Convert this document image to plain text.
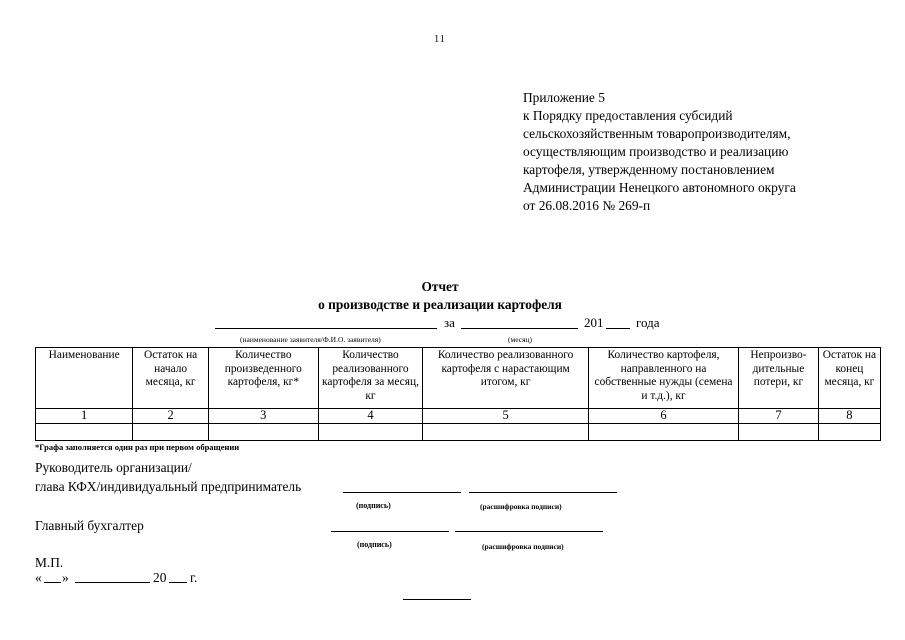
11
Приложение 5
к Порядку предоставления субсидий
сельскохозяйственным товаропроизводителям,
осуществляющим производство и реализацию
картофеля, утвержденному постановлением
Администрации Ненецкого автономного округа
от 26.08.2016 № 269-п
Отчет
о производстве и реализации картофеля
за	201	года
(наименование заявителя/Ф.И.О. заявителя)	(месяц)
Наименование	Остаток на начало месяца, кг	Количество произведенного картофеля, кг*	Количество реализованного картофеля за месяц, кг	Количество реализованного картофеля с нарастающим итогом, кг	Количество картофеля, направленного на собственные нужды (семена и т.д.), кг	Непроизво-дительные потери, кг	Остаток на конец месяца, кг
1	2	3	4	5	6	7	8

*Графа заполняется один раз при первом обращении
Руководитель организации/
глава КФХ/индивидуальный предприниматель
(подпись)	(расшифровка подписи)
Главный бухгалтер
(подпись)	(расшифровка подписи)
М.П.
« »	20 г.
